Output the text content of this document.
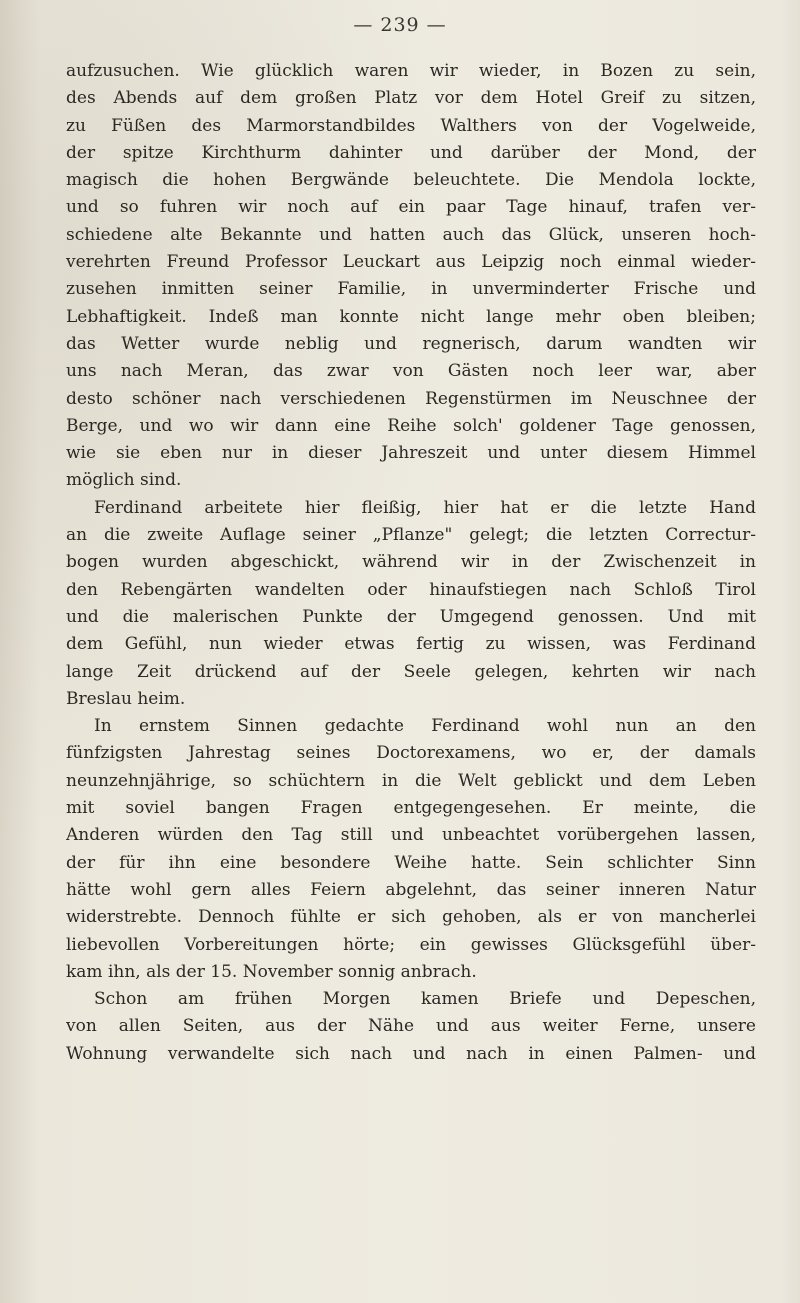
— 239 —
aufzusuchen. Wie glücklich waren wir wieder, in Bozen zu sein,
des Abends auf dem großen Platz vor dem Hotel Greif zu sitzen,
zu Füßen des Marmorstandbildes Walthers von der Vogelweide,
der spitze Kirchthurm dahinter und darüber der Mond, der
magisch die hohen Bergwände beleuchtete. Die Mendola lockte,
und so fuhren wir noch auf ein paar Tage hinauf, trafen ver-
schiedene alte Bekannte und hatten auch das Glück, unseren hoch-
verehrten Freund Professor Leuckart aus Leipzig noch einmal wieder-
zusehen inmitten seiner Familie, in unverminderter Frische und
Lebhaftigkeit. Indeß man konnte nicht lange mehr oben bleiben;
das Wetter wurde neblig und regnerisch, darum wandten wir
uns nach Meran, das zwar von Gästen noch leer war, aber
desto schöner nach verschiedenen Regenstürmen im Neuschnee der
Berge, und wo wir dann eine Reihe solch' goldener Tage genossen,
wie sie eben nur in dieser Jahreszeit und unter diesem Himmel
möglich sind.
Ferdinand arbeitete hier fleißig, hier hat er die letzte Hand
an die zweite Auflage seiner „Pflanze" gelegt; die letzten Correctur-
bogen wurden abgeschickt, während wir in der Zwischenzeit in
den Rebengärten wandelten oder hinaufstiegen nach Schloß Tirol
und die malerischen Punkte der Umgegend genossen. Und mit
dem Gefühl, nun wieder etwas fertig zu wissen, was Ferdinand
lange Zeit drückend auf der Seele gelegen, kehrten wir nach
Breslau heim.
In ernstem Sinnen gedachte Ferdinand wohl nun an den
fünfzigsten Jahrestag seines Doctorexamens, wo er, der damals
neunzehnjährige, so schüchtern in die Welt geblickt und dem Leben
mit soviel bangen Fragen entgegengesehen. Er meinte, die
Anderen würden den Tag still und unbeachtet vorübergehen lassen,
der für ihn eine besondere Weihe hatte. Sein schlichter Sinn
hätte wohl gern alles Feiern abgelehnt, das seiner inneren Natur
widerstrebte. Dennoch fühlte er sich gehoben, als er von mancherlei
liebevollen Vorbereitungen hörte; ein gewisses Glücksgefühl über-
kam ihn, als der 15. November sonnig anbrach.
Schon am frühen Morgen kamen Briefe und Depeschen,
von allen Seiten, aus der Nähe und aus weiter Ferne, unsere
Wohnung verwandelte sich nach und nach in einen Palmen- und
